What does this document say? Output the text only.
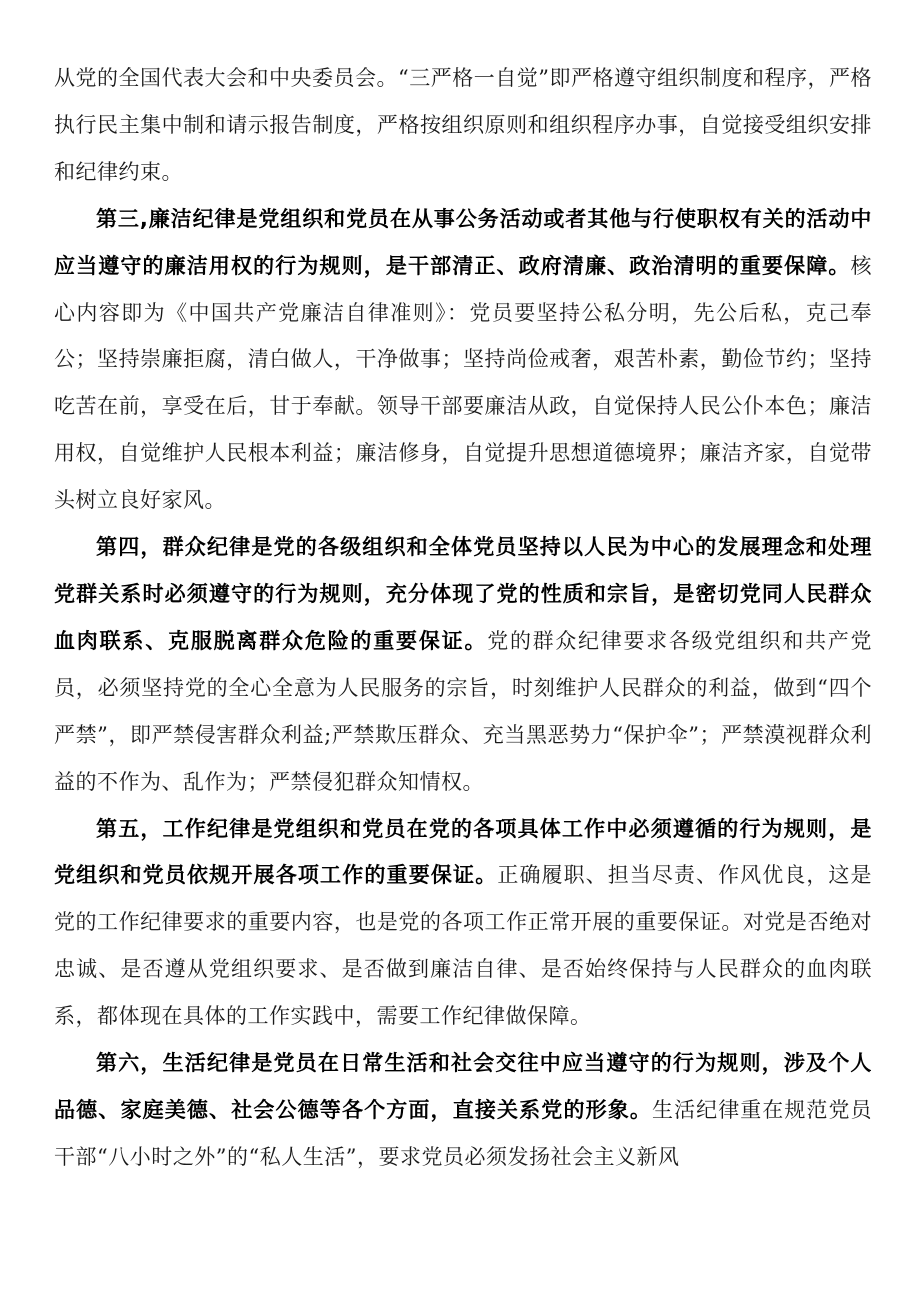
从党的全国代表大会和中央委员会。“三严格一自觉”即严格遵守组织制度和程序，严格执行民主集中制和请示报告制度，严格按组织原则和组织程序办事，自觉接受组织安排和纪律约束。

第三,廉洁纪律是党组织和党员在从事公务活动或者其他与行使职权有关的活动中应当遵守的廉洁用权的行为规则，是干部清正、政府清廉、政治清明的重要保障。核心内容即为《中国共产党廉洁自律准则》：党员要坚持公私分明，先公后私，克己奉公；坚持崇廉拒腐，清白做人，干净做事；坚持尚俭戒奢，艰苦朴素，勤俭节约；坚持吃苦在前，享受在后，甘于奉献。领导干部要廉洁从政，自觉保持人民公仆本色；廉洁用权，自觉维护人民根本利益；廉洁修身，自觉提升思想道德境界；廉洁齐家，自觉带头树立良好家风。

第四，群众纪律是党的各级组织和全体党员坚持以人民为中心的发展理念和处理党群关系时必须遵守的行为规则，充分体现了党的性质和宗旨，是密切党同人民群众血肉联系、克服脱离群众危险的重要保证。党的群众纪律要求各级党组织和共产党员，必须坚持党的全心全意为人民服务的宗旨，时刻维护人民群众的利益，做到“四个严禁”，即严禁侵害群众利益;严禁欺压群众、充当黑恶势力“保护伞”；严禁漠视群众利益的不作为、乱作为；严禁侵犯群众知情权。

第五，工作纪律是党组织和党员在党的各项具体工作中必须遵循的行为规则，是党组织和党员依规开展各项工作的重要保证。正确履职、担当尽责、作风优良，这是党的工作纪律要求的重要内容，也是党的各项工作正常开展的重要保证。对党是否绝对忠诚、是否遵从党组织要求、是否做到廉洁自律、是否始终保持与人民群众的血肉联系，都体现在具体的工作实践中，需要工作纪律做保障。

第六，生活纪律是党员在日常生活和社会交往中应当遵守的行为规则，涉及个人品德、家庭美德、社会公德等各个方面，直接关系党的形象。生活纪律重在规范党员干部“八小时之外”的“私人生活”，要求党员必须发扬社会主义新风
